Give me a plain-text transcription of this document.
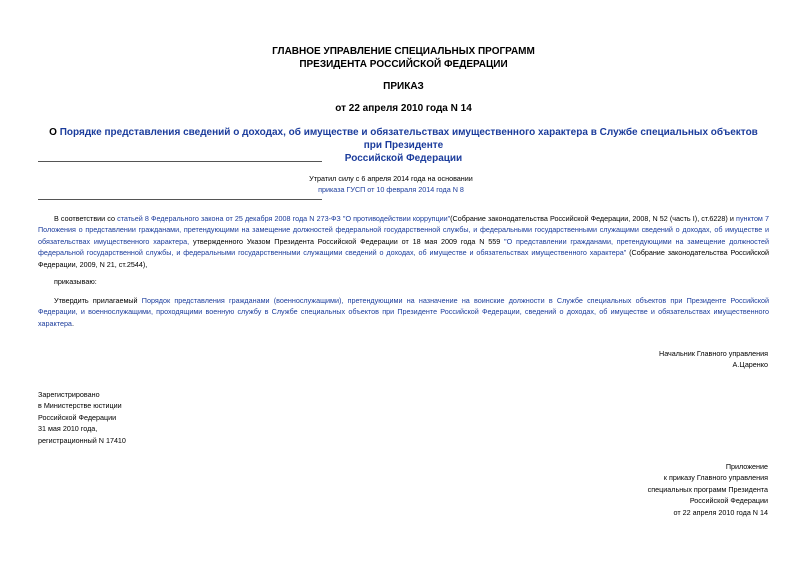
ГЛАВНОЕ УПРАВЛЕНИЕ СПЕЦИАЛЬНЫХ ПРОГРАММ
ПРЕЗИДЕНТА РОССИЙСКОЙ ФЕДЕРАЦИИ
ПРИКАЗ
от 22 апреля 2010 года N 14
О Порядке представления сведений о доходах, об имуществе и обязательствах имущественного характера в Службе специальных объектов при Президенте
Российской Федерации
Утратил силу с 6 апреля 2014 года на основании
приказа ГУСП от 10 февраля 2014 года N 8
В соответствии со статьей 8 Федерального закона от 25 декабря 2008 года N 273-ФЗ "О противодействии коррупции"(Собрание законодательства Российской Федерации, 2008, N 52 (часть I), ст.6228) и пунктом 7 Положения о представлении гражданами, претендующими на замещение должностей федеральной государственной службы, и федеральными государственными служащими сведений о доходах, об имуществе и обязательствах имущественного характера, утвержденного Указом Президента Российской Федерации от 18 мая 2009 года N 559 "О представлении гражданами, претендующими на замещение должностей федеральной государственной службы, и федеральными государственными служащими сведений о доходах, об имуществе и обязательствах имущественного характера" (Собрание законодательства Российской Федерации, 2009, N 21, ст.2544),
приказываю:
Утвердить прилагаемый Порядок представления гражданами (военнослужащими), претендующими на назначение на воинские должности в Службе специальных объектов при Президенте Российской Федерации, и военнослужащими, проходящими военную службу в Службе специальных объектов при Президенте Российской Федерации, сведений о доходах, об имуществе и обязательствах имущественного характера.
Начальник Главного управления
А.Царенко
Зарегистрировано
в Министерстве юстиции
Российской Федерации
31 мая 2010 года,
регистрационный N 17410
Приложение
к приказу Главного управления
специальных программ Президента
Российской Федерации
от 22 апреля 2010 года N 14
